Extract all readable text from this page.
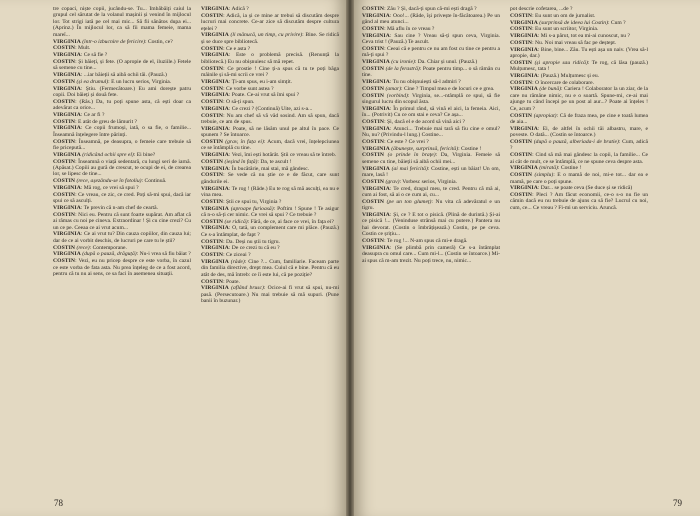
tre copaci, niște copii, jucându-se. Tu... Îmbăbăiți caiul la grupul cel sărutat de la volanul mașinii și venind în mijlocul lor. Tot strigi iată pe cel mai mic... Să fii sănătos dupa ei... (Aprinz.) În mijlocul lor, ca să fii mama femeie, mama mareî...

VIRGINIA (într-o izbucnire de fericire): Costin, ce?

COSTIN: Mult.

VIRGINIA: Ce să fie ?

COSTIN: Și băieți, și fete. (O apropie de el, iluziile.) Fetele să semene cu tine...

VIRGINIA: ...iar băieții să aibă ochii tăi. (Pauză.)

COSTIN (și ea drumul): E un lucru serios, Virginia.

VIRGINIA: Știu. (Fermecătoare.) Eu ami dorește patru copii. Doi băieți și două fete.

COSTIN: (Râs.) Da, tu poți spune asta, că ești doar ca adevărat ca orice...

VIRGINIA: Ce ar fi ?

COSTIN: E atât de greu de lămurit ?

VIRGINIA: Ce copii frumoși, iată, o sa fie, o familie... Înseamnă înțelegere între părinți.

COSTIN: Înseamnă, pe deasupra, o femeie care trebuie să fie pricepută...

VIRGINIA (ridicând ochii spre el): Ei bine?

COSTIN: Înseamnă o viață sedentară, cu lungi seri de iarnă. (Apăsat.) Copiii au gură de crescut, te ocupi de ei, de crearea lor, se lipesc de tine...

COSTIN (rece, așezându-se în fotoliu): Continuă.

VIRGINIA: Mă rog, ce vrei să spui ?

COSTIN: Ce vreau, ce zic, ce cred. Poți să-mi spui, dacă iar spui ce să asculți.

VIRGINIA: Te previn că n-am chef de ceartă.

COSTIN: Nici eu. Pentru că sunt foarte supărat. Am aflat că ai rămas cu noi pe cineva. Extraordinar ! Și cu cine crezi? Cu un ce pe. Ceeaa ce ai vrut acum...

VIRGINIA: Ce ai vrut tu? Din cauza copiilor, din cauza lui; dar de ce ai vorbit deschis, de lucruri pe care tu le știi?

COSTIN (rece): Contemporane.

VIRGINIA (după o pauză, drăguță): Nu-i vrea să fiu băiat ?

COSTIN: Vezi, eu nu pricep despre ce este vorba, în cazul ce este vorba de fata asta. Nu prea înțeleg de ce a fost acord, pentru că tu nu ai sens, ce sa faci în asemenea situații.

VIRGINIA: Adică ?

COSTIN: Adică, ia și ce mine ar trebui să discutăm despre lucruri mai concrete. Ce-ar zice să discutăm despre cultura ețelei ?

VIRGINIA (li mănucă, un timp, cu privire): Bine. Se ridică și se duce spre bibliotecă.

COSTIN: Ce e asta ?

VIRGINIA: Este o problemă precisă. (Renunță la bibliotecă.) Eu nu obișnuiesc să mă repet.

COSTIN: Ce prostie ! Cine ți-a spus că tu te poți băga mâinile și să-mi scrii ce vrei ?

VIRGINIA: Ți-am spus, eu i-am simțit.

COSTIN: Ce vorbe sunt astea ?

VIRGINIA: Poate. Ce-ai vrut să îmi spui ?

COSTIN: O să-ți spun.

VIRGINIA: Ce crezi ? (Continuă) Uite, azi s-a...

COSTIN: Nu am chef să vă văd sosind. Am să spun, dacă trebuie, ce am de spus.

VIRGINIA: Poate, să ne lăsăm unul pe altul în pace. Ce spunem ? Se întoarce.

COSTIN (grav, în fața ei): Acum, dacă vrei, înțelepciunea ce se întâmplă cu tine.

VIRGINIA: Vezi, îmi ești hotărât. Știi ce vreau să te întreb.

COSTIN (ieșind în față): Da, te ascult !

VIRGINIA: În bucătărie, mai stai, mă gândesc.

COSTIN: Se vede că nu știe ce e de făcut, care sunt gândurile ei.

VIRGINIA: Te rog ! (Râde.) Eu te rog să mă asculți, ea nu e vina mea.

COSTIN: Știi ce spui tu, Virginia ?

VIRGINIA (aproape furioasă): Poftim ! Spune ! Te asigur că n-o să-ți cer nimic. Ce vrei să spui ? Ce trebuie ?

COSTIN (se ridică): Fără, de ce, ai face ce vrei, în fața ei?

VIRGINIA: O, tată, un complement care mi plăce. (Pauză.) Ce s-a întâmplat, de fapt ?

COSTIN: Da. Deși nu știi tu tigru.

VIRGINIA: De ce crezi tu că eu ?

COSTIN: Ce ziceai ?

VIRGINIA (râde): Cine ?... Cum, familiarie. Faceam parte din familia directive, drept mea. Cuiul că e bine. Pentru că eu atât de des, mă întreb: ce îi este lui, că pe poziție?

COSTIN: Poate.

VIRGINIA (aflând brusc): Ocice-ai fi vrut să spui, nu-mi pasă. (Persecutoare.) Nu mai trebuie să mă supuri. (Pune banii în buzunar.)

78

COSTIN: Zău ? Și, dacă-ți spun că-mi ești dragă ?

VIRGINIA: Ooo!... (Râde, își privește în-făcătoarea.) Pe un gând al meu atunci...

COSTIN: Mă aflu în ce vreau ?

VIRGINIA: Sau cine ? Vreau să-ți spun ceva, Virginia. Ceva trist ! (Pauză.) Te ascult.

COSTIN: Ceeai că e pentru ce nu am fost cu tine ce pentru a mă-ți spui ?

VIRGINIA (cu ironie): Da. Chiar și unul. (Pauză.)

COSTIN (de la ferastră): Poate pentru timp... o să rămân cu tine.

VIRGINIA: Tu nu obișnuiești să-l admiri ?

COSTIN (amar): Cine ? Timpul mea e de locuri ce e grea.

COSTIN (vorbind): Virginia, se...-ntâmplă ce spui, să fie singurul lucru din scopul ăsta.

VIRGINIA: În primul rând, să vină el aici, la femeia. Aici, în... (Potrivit) Cu ce om stai e ceva? Ce așa...

COSTIN: Și, dacă el e de acord să vină aici ?

VIRGINIA: Atunci... Trebuie mai tară să fiu cine e omul? Nu, nu? (Privindu-l lung.) Costine...

COSTIN: Ce este ? Ce vrei ?

VIRGINIA (ăbunește, surprinsă, fericită): Costine !

COSTIN (o prinde în brațe): Da, Virginia. Femeie să semene cu tine, băieții să aibă ochii mei...

VIRGINIA (ai mai fericită): Costine, ești un băiat! Un om, mare, lasă !

COSTIN (grav): Vorbesc serios, Virginia.

VIRGINIA: Te cred, dragul meu, te cred. Pentru că mă ai, cum ai fost, să ai o ce cum ai, cu...

COSTIN (pe un ton glumeț): Nu vita că adevăratul e un tigru.

VIRGINIA: Și, ce ? E tot o pisică. (Plină de durintă.) Și-ai ce pisică !... (Veninduse strânsă mai cu putere.) Pantera nu hai devorat. (Costin o îmbrățișează.) Costin, pe pe ceva. Costin ce șrițiu...

COSTIN: Te rog !... N-am spus că mi-e dragă.

VIRGINIA: (Se plimbă prin cameră) Ce s-a întâmplat deasupra cu omul care... Cum mi-l... (Costin se întoarce.) Mi-ai spus că m-am trezit. Nu poți trece, nu, nimic...

pot descrie cofetarea, ...de ?

COSTIN: Eu sunt un om de jurnalist.

VIRGINIA (surprinsă de ideea lui Costin): Cum ?

COSTIN: Eu sunt un scriitor, Virginia.

VIRGINIA: Mi s-a părut, tot ea mi-ai cunoscut, nu ?

COSTIN: Nu. Noi mai vreau să fac pe deștept.

VIRGINIA: Bine, bine... Zău. Tu ești așa un naiv. (Vrea să-l apropie, dar.)

COSTIN (și apropie sau ridică): Te rog, că lăsa (pauză.) Mulțumesc, tata !

VIRGINIA: (Pauză.) Mulțumesc și eu.

COSTIN: O încercare de colaborare.

VIRGINIA (de bună): Cariera ! Colaborator la un ziar, de la care nu rămâne nimic, nu e o soartă. Spune-mi, ce-ai mai ajunge tu când începi pe un post al aur...? Poate ai înțeles ! Ce, acum ?

COSTIN (apropiat): Că de fraza mea, pe cine e toată lumea de aia...

VIRGINIA: Ei, de altfel în ochii tăi albastru, mare, e poveste. O dată... (Costin se întoarce.)

COSTIN (după o pauză, alberiada-i de bratie): Cum, adică ?

COSTIN: Cind să mă mai gândesc la copii, la familie... Ce ai cât de mult, ce se întâmplă, ce ne spune ceva despre asta.

VIRGINIA (mirată): Costine !

COSTIN (simplu): E o mamă de noi, mi-e tot... dar ea e mamă, pe care o poți spune.

VIRGINIA: Dar... se poate ceva (Se duce și se ridică)

COSTIN: Pleci ? Am făcut economii, ce-o s-o nu fie un cămin dacă eu nu trebuie de ajuns ca să fie? Lucrul cu noi, cum, ce... Ce vreau ? Fi-mi un serviciu. Aruncă.

79
